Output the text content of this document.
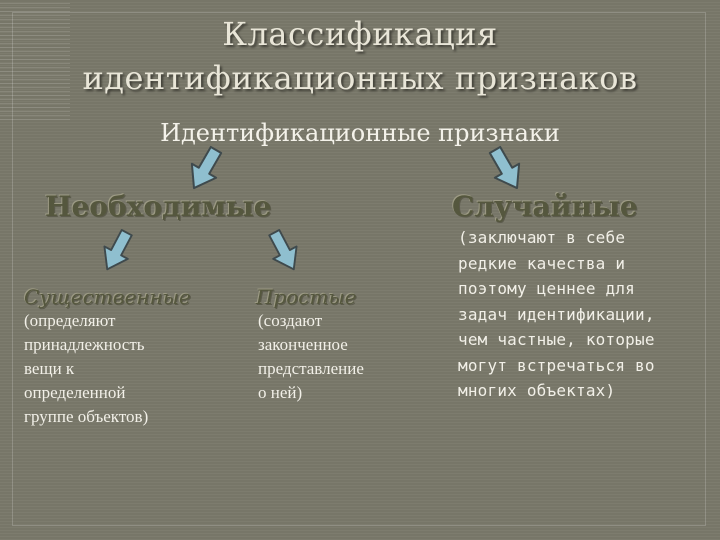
Классификация
идентификационных признаков
Идентификационные признаки
Необходимые	Случайные
Существенные	Простые
(определяют
принадлежность
вещи к
определенной
группе объектов)
(создают
законченное
представление
о ней)
(заключают в себе
редкие качества и
поэтому ценнее для
задач идентификации,
чем частные, которые
могут встречаться во
многих объектах)
